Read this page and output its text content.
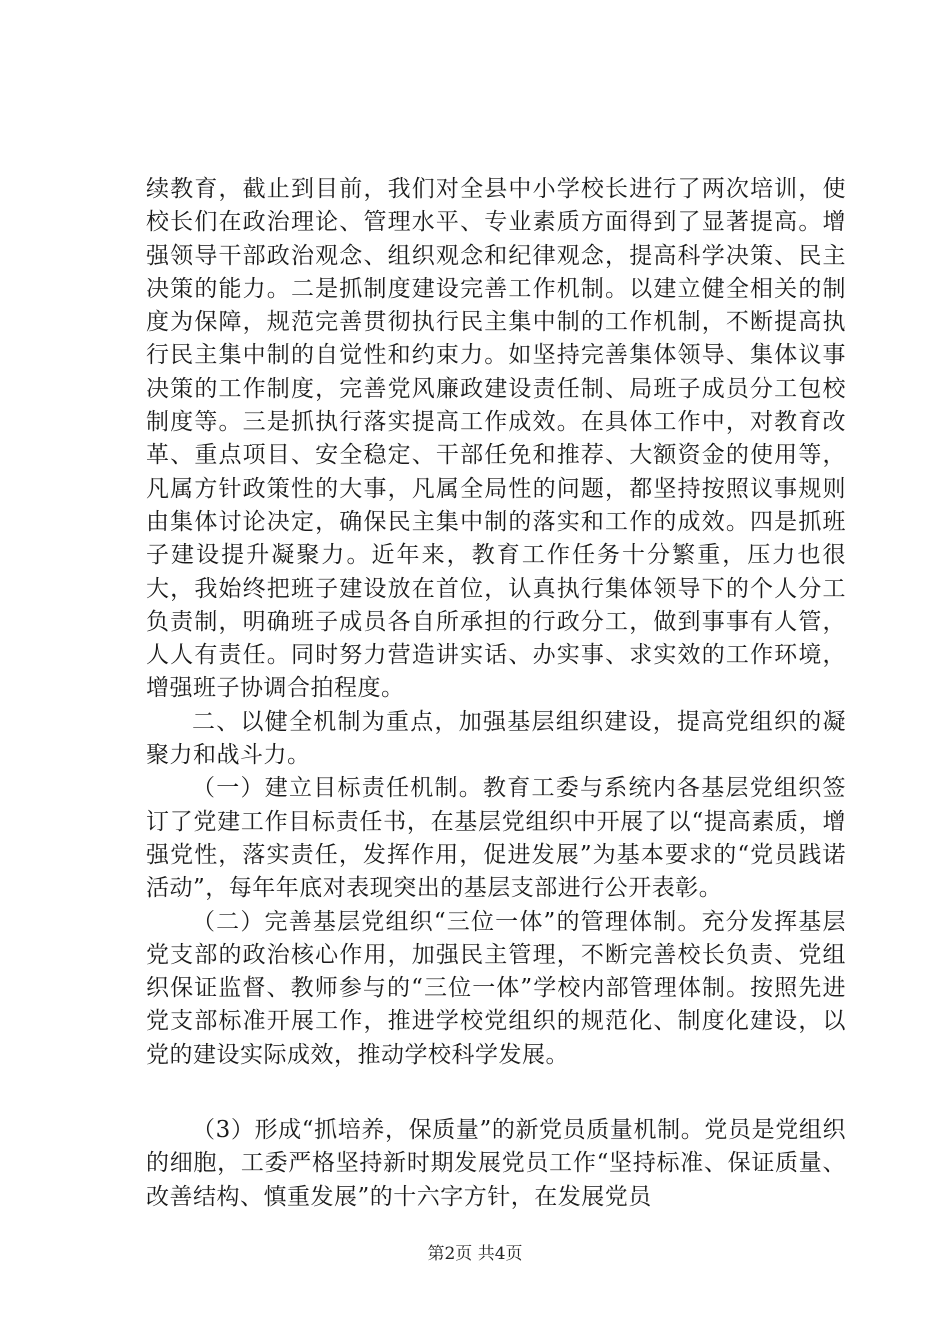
续教育，截止到目前，我们对全县中小学校长进行了两次培训，使校长们在政治理论、管理水平、专业素质方面得到了显著提高。增强领导干部政治观念、组织观念和纪律观念，提高科学决策、民主决策的能力。二是抓制度建设完善工作机制。以建立健全相关的制度为保障，规范完善贯彻执行民主集中制的工作机制，不断提高执行民主集中制的自觉性和约束力。如坚持完善集体领导、集体议事决策的工作制度，完善党风廉政建设责任制、局班子成员分工包校制度等。三是抓执行落实提高工作成效。在具体工作中，对教育改革、重点项目、安全稳定、干部任免和推荐、大额资金的使用等，凡属方针政策性的大事，凡属全局性的问题，都坚持按照议事规则由集体讨论决定，确保民主集中制的落实和工作的成效。四是抓班子建设提升凝聚力。近年来，教育工作任务十分繁重，压力也很大，我始终把班子建设放在首位，认真执行集体领导下的个人分工负责制，明确班子成员各自所承担的行政分工，做到事事有人管，人人有责任。同时努力营造讲实话、办实事、求实效的工作环境，增强班子协调合拍程度。

二、以健全机制为重点，加强基层组织建设，提高党组织的凝聚力和战斗力。

（一）建立目标责任机制。教育工委与系统内各基层党组织签订了党建工作目标责任书，在基层党组织中开展了以“提高素质，增强党性，落实责任，发挥作用，促进发展”为基本要求的“党员践诺活动”，每年年底对表现突出的基层支部进行公开表彰。

（二）完善基层党组织“三位一体”的管理体制。充分发挥基层党支部的政治核心作用，加强民主管理，不断完善校长负责、党组织保证监督、教师参与的“三位一体”学校内部管理体制。按照先进党支部标准开展工作，推进学校党组织的规范化、制度化建设，以党的建设实际成效，推动学校科学发展。

（3）形成“抓培养，保质量”的新党员质量机制。党员是党组织的细胞，工委严格坚持新时期发展党员工作“坚持标准、保证质量、改善结构、慎重发展”的十六字方针，在发展党员

第2页 共4页
